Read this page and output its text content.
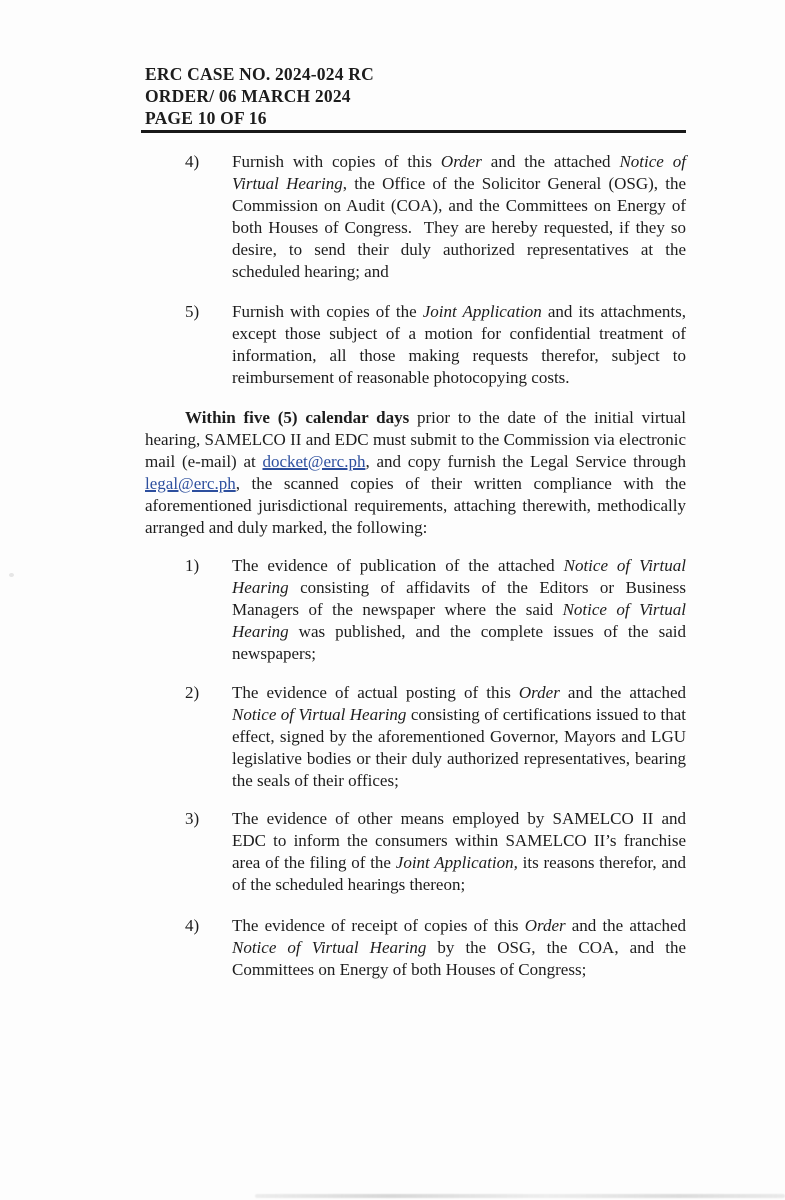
ERC CASE NO. 2024-024 RC
ORDER/ 06 MARCH 2024
PAGE 10 OF 16
4)	Furnish with copies of this Order and the attached Notice of Virtual Hearing, the Office of the Solicitor General (OSG), the Commission on Audit (COA), and the Committees on Energy of both Houses of Congress.  They are hereby requested, if they so desire, to send their duly authorized representatives at the scheduled hearing; and
5)	Furnish with copies of the Joint Application and its attachments, except those subject of a motion for confidential treatment of information, all those making requests therefor, subject to reimbursement of reasonable photocopying costs.

Within five (5) calendar days prior to the date of the initial virtual hearing, SAMELCO II and EDC must submit to the Commission via electronic mail (e-mail) at docket@erc.ph, and copy furnish the Legal Service through legal@erc.ph, the scanned copies of their written compliance with the aforementioned jurisdictional requirements, attaching therewith, methodically arranged and duly marked, the following:

1)	The evidence of publication of the attached Notice of Virtual Hearing consisting of affidavits of the Editors or Business Managers of the newspaper where the said Notice of Virtual Hearing was published, and the complete issues of the said newspapers;
2)	The evidence of actual posting of this Order and the attached Notice of Virtual Hearing consisting of certifications issued to that effect, signed by the aforementioned Governor, Mayors and LGU legislative bodies or their duly authorized representatives, bearing the seals of their offices;
3)	The evidence of other means employed by SAMELCO II and EDC to inform the consumers within SAMELCO II’s franchise area of the filing of the Joint Application, its reasons therefor, and of the scheduled hearings thereon;
4)	The evidence of receipt of copies of this Order and the attached Notice of Virtual Hearing by the OSG, the COA, and the Committees on Energy of both Houses of Congress;
